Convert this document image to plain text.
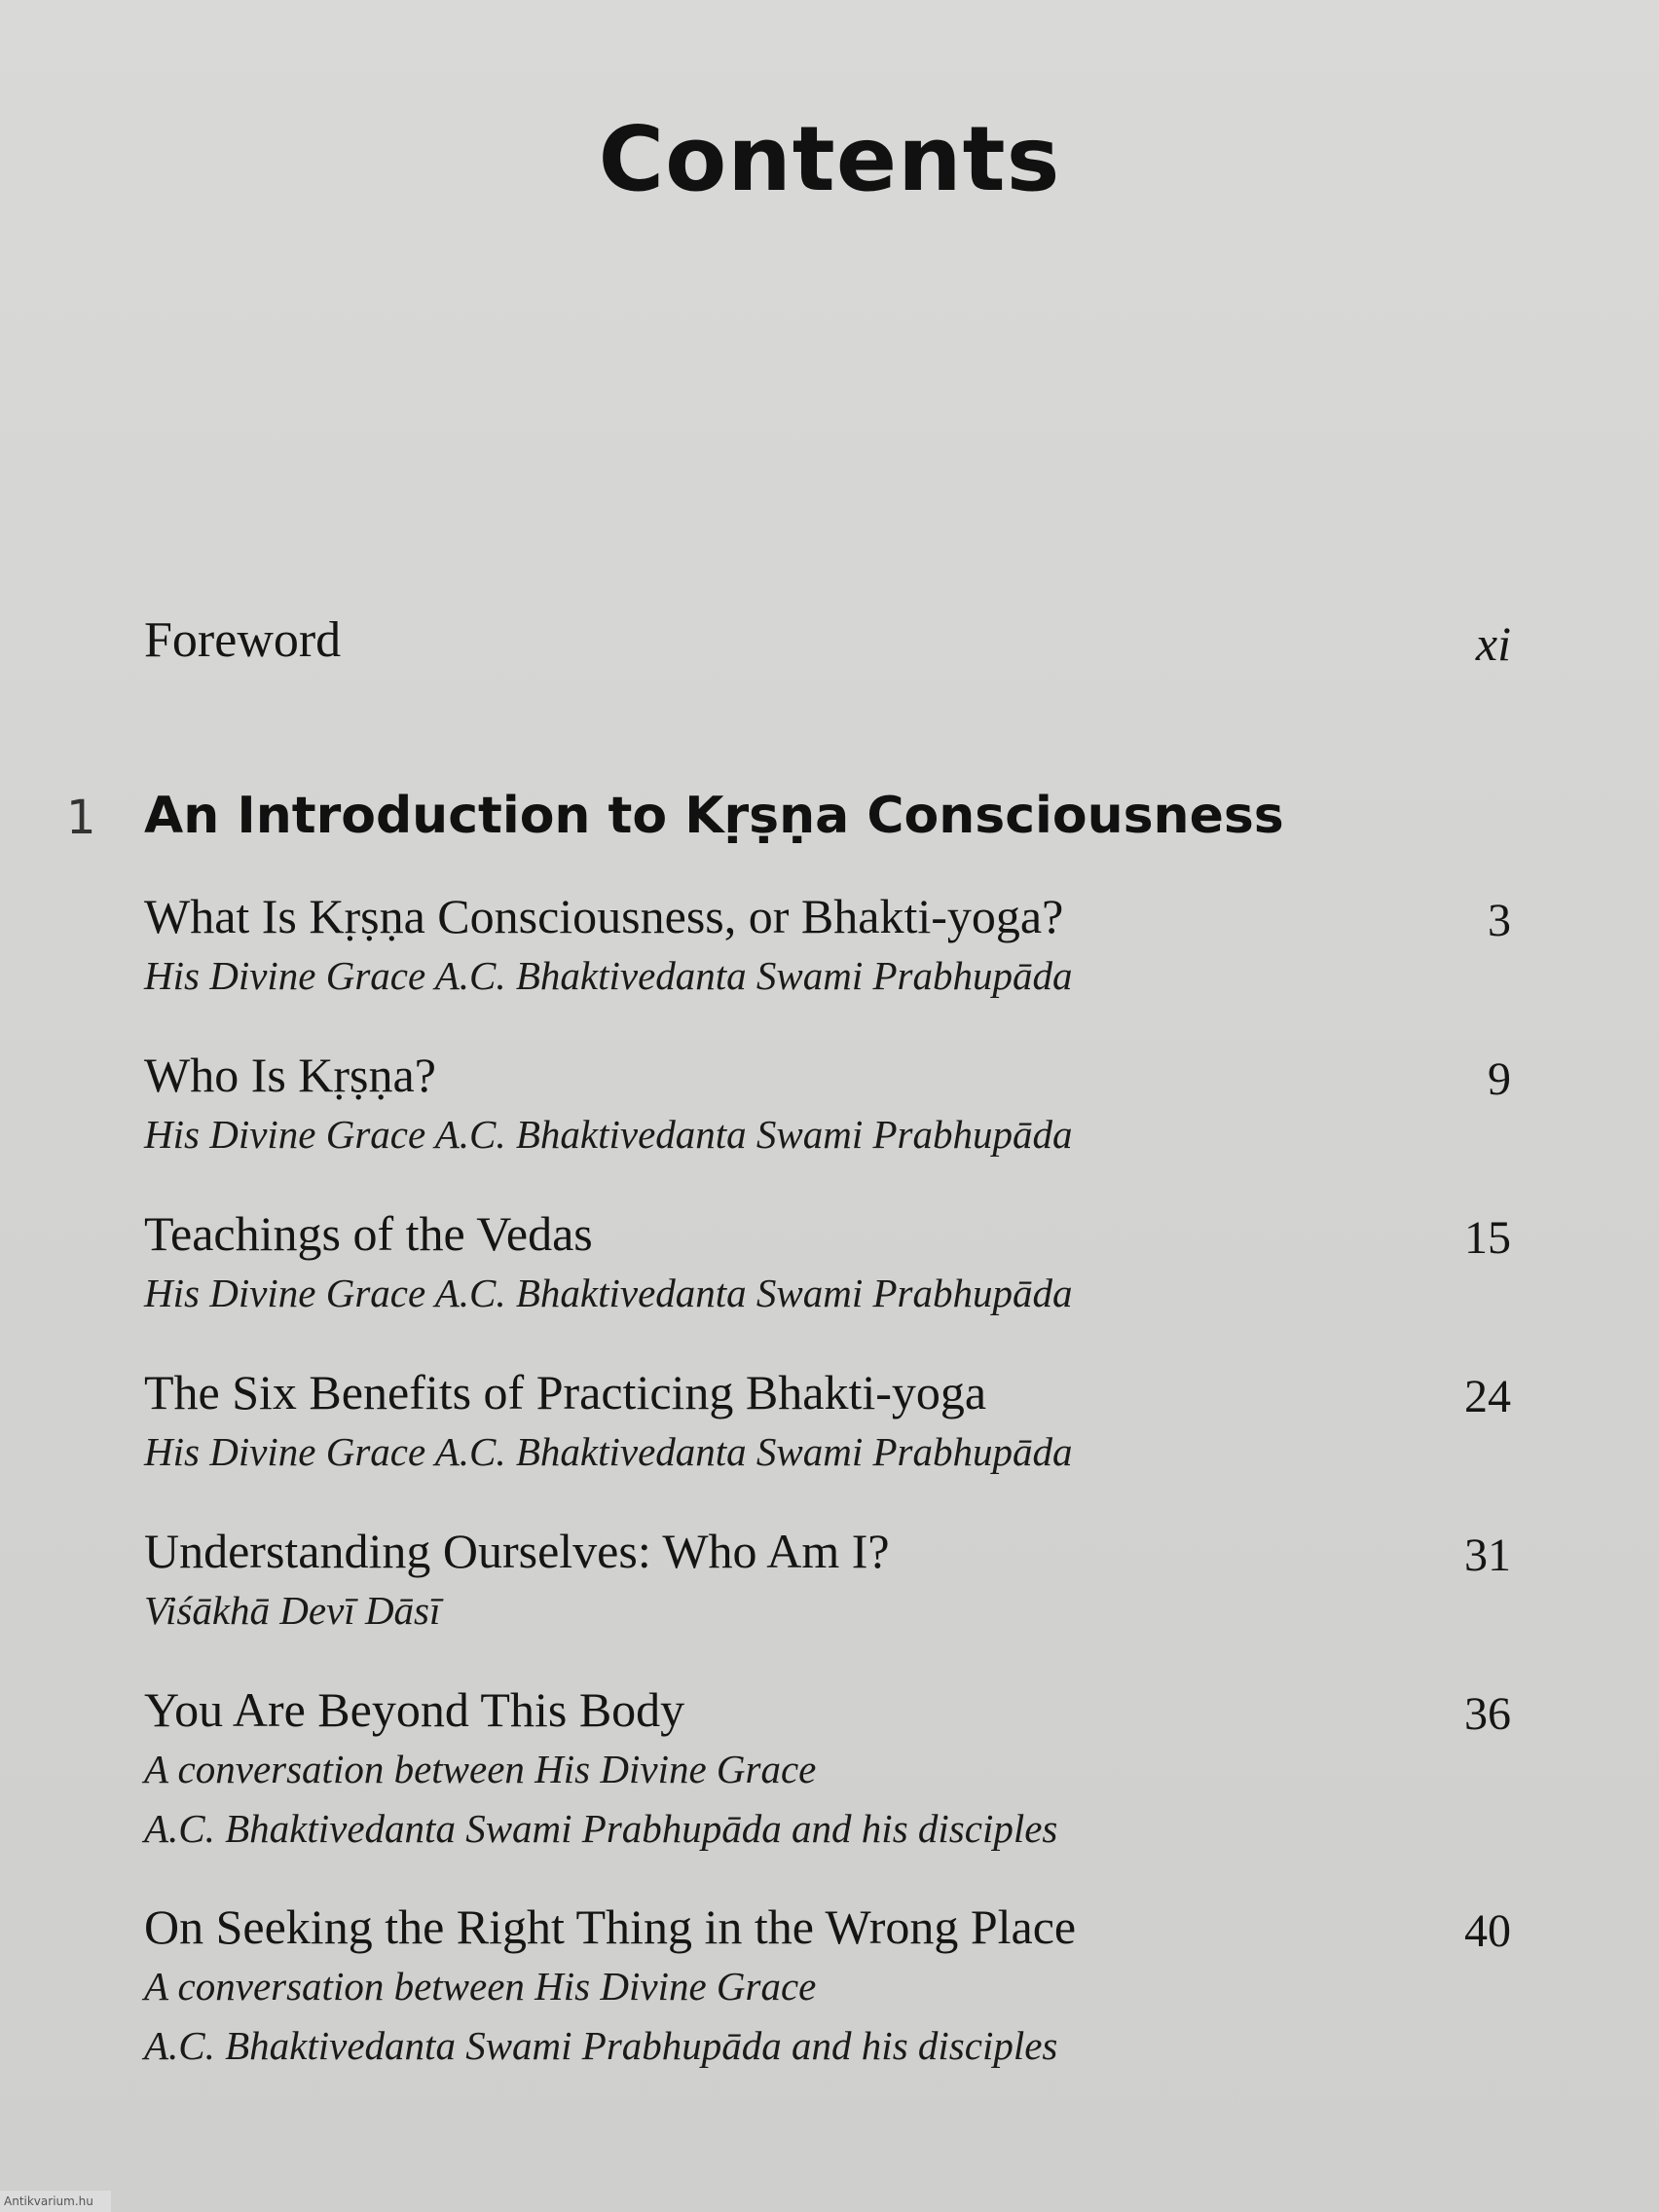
Contents
Foreword	xi
1 An Introduction to Kṛṣṇa Consciousness
What Is Kṛṣṇa Consciousness, or Bhakti-yoga?	3
His Divine Grace A.C. Bhaktivedanta Swami Prabhupāda
Who Is Kṛṣṇa?	9
His Divine Grace A.C. Bhaktivedanta Swami Prabhupāda
Teachings of the Vedas	15
His Divine Grace A.C. Bhaktivedanta Swami Prabhupāda
The Six Benefits of Practicing Bhakti-yoga	24
His Divine Grace A.C. Bhaktivedanta Swami Prabhupāda
Understanding Ourselves: Who Am I?	31
Viśākhā Devī Dāsī
You Are Beyond This Body	36
A conversation between His Divine Grace
A.C. Bhaktivedanta Swami Prabhupāda and his disciples
On Seeking the Right Thing in the Wrong Place	40
A conversation between His Divine Grace
A.C. Bhaktivedanta Swami Prabhupāda and his disciples
Antikvarium.hu
